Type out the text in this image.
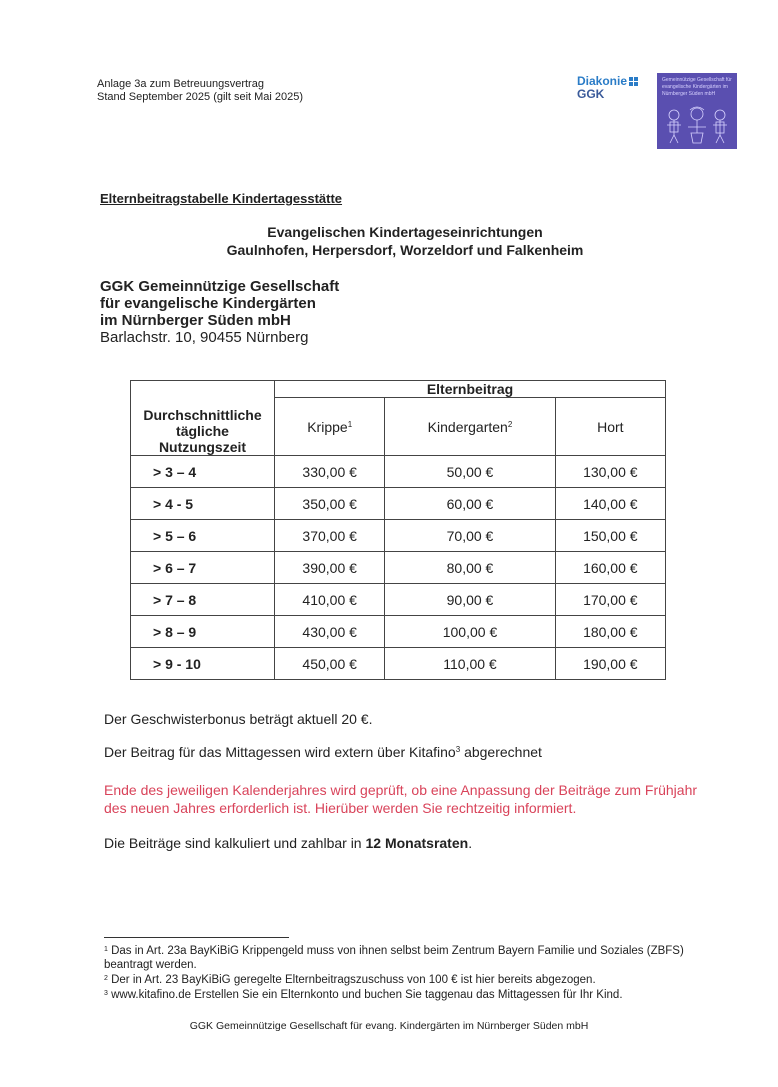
Anlage 3a zum Betreuungsvertrag
Stand September 2025 (gilt seit Mai 2025)
Diakonie
GGK
Gemeinnützige Gesellschaft für evangelische Kindergärten im Nürnberger Süden mbH
Elternbeitragstabelle Kindertagesstätte
Evangelischen Kindertageseinrichtungen
Gaulnhofen, Herpersdorf, Worzeldorf und Falkenheim
GGK Gemeinnützige Gesellschaft
für evangelische Kindergärten
im Nürnberger Süden mbH
Barlachstr. 10, 90455 Nürnberg
Durchschnittliche tägliche Nutzungszeit	Elternbeitrag		
	Krippe$^1$	Kindergarten$^2$	Hort
> 3 – 4	330,00 €	50,00 €	130,00 €
> 4 - 5	350,00 €	60,00 €	140,00 €
> 5 – 6	370,00 €	70,00 €	150,00 €
> 6 – 7	390,00 €	80,00 €	160,00 €
> 7 – 8	410,00 €	90,00 €	170,00 €
> 8 – 9	430,00 €	100,00 €	180,00 €
> 9 - 10	450,00 €	110,00 €	190,00 €
Der Geschwisterbonus beträgt aktuell 20 €.
Der Beitrag für das Mittagessen wird extern über Kitafino$^3$ abgerechnet
Ende des jeweiligen Kalenderjahres wird geprüft, ob eine Anpassung der Beiträge zum Frühjahr des neuen Jahres erforderlich ist. Hierüber werden Sie rechtzeitig informiert.
Die Beiträge sind kalkuliert und zahlbar in 12 Monatsraten.
$^1$ Das in Art. 23a BayKiBiG Krippengeld muss von ihnen selbst beim Zentrum Bayern Familie und Soziales (ZBFS) beantragt werden.
$^2$ Der in Art. 23 BayKiBiG geregelte Elternbeitragszuschuss von 100 € ist hier bereits abgezogen.
$^3$ www.kitafino.de Erstellen Sie ein Elternkonto und buchen Sie taggenau das Mittagessen für Ihr Kind.
GGK Gemeinnützige Gesellschaft für evang. Kindergärten im Nürnberger Süden mbH
